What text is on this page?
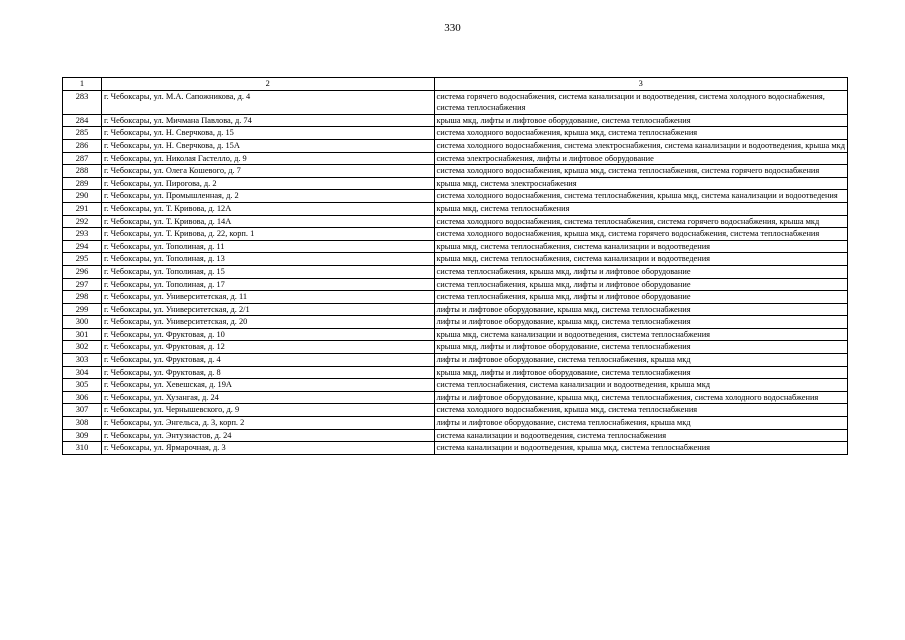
330
1	2	3
283	г. Чебоксары, ул. М.А. Сапожникова, д. 4	система горячего водоснабжения, система канализации и водоотведения, система холодного водоснабжения, система теплоснабжения
284	г. Чебоксары, ул. Мичмана Павлова, д. 74	крыша мкд, лифты и лифтовое оборудование, система теплоснабжения
285	г. Чебоксары, ул. Н. Сверчкова, д. 15	система холодного водоснабжения, крыша мкд, система теплоснабжения
286	г. Чебоксары, ул. Н. Сверчкова, д. 15А	система холодного водоснабжения, система электроснабжения, система канализации и водоотведения, крыша мкд
287	г. Чебоксары, ул. Николая Гастелло, д. 9	система электроснабжения, лифты и лифтовое оборудование
288	г. Чебоксары, ул. Олега Кошевого, д. 7	система холодного водоснабжения, крыша мкд, система теплоснабжения, система горячего водоснабжения
289	г. Чебоксары, ул. Пирогова, д. 2	крыша мкд, система электроснабжения
290	г. Чебоксары, ул. Промышленная, д. 2	система холодного водоснабжения, система теплоснабжения, крыша мкд, система канализации и водоотведения
291	г. Чебоксары, ул. Т. Кривова, д. 12А	крыша мкд, система теплоснабжения
292	г. Чебоксары, ул. Т. Кривова, д. 14А	система холодного водоснабжения, система теплоснабжения, система горячего водоснабжения, крыша мкд
293	г. Чебоксары, ул. Т. Кривова, д. 22, корп. 1	система холодного водоснабжения, крыша мкд, система горячего водоснабжения, система теплоснабжения
294	г. Чебоксары, ул. Тополиная, д. 11	крыша мкд, система теплоснабжения, система канализации и водоотведения
295	г. Чебоксары, ул. Тополиная, д. 13	крыша мкд, система теплоснабжения, система канализации и водоотведения
296	г. Чебоксары, ул. Тополиная, д. 15	система теплоснабжения, крыша мкд, лифты и лифтовое оборудование
297	г. Чебоксары, ул. Тополиная, д. 17	система теплоснабжения, крыша мкд, лифты и лифтовое оборудование
298	г. Чебоксары, ул. Университетская, д. 11	система теплоснабжения, крыша мкд, лифты и лифтовое оборудование
299	г. Чебоксары, ул. Университетская, д. 2/1	лифты и лифтовое оборудование, крыша мкд, система теплоснабжения
300	г. Чебоксары, ул. Университетская, д. 20	лифты и лифтовое оборудование, крыша мкд, система теплоснабжения
301	г. Чебоксары, ул. Фруктовая, д. 10	крыша мкд, система канализации и водоотведения, система теплоснабжения
302	г. Чебоксары, ул. Фруктовая, д. 12	крыша мкд, лифты и лифтовое оборудование, система теплоснабжения
303	г. Чебоксары, ул. Фруктовая, д. 4	лифты и лифтовое оборудование, система теплоснабжения, крыша мкд
304	г. Чебоксары, ул. Фруктовая, д. 8	крыша мкд, лифты и лифтовое оборудование, система теплоснабжения
305	г. Чебоксары, ул. Хевешская, д. 19А	система теплоснабжения, система канализации и водоотведения, крыша мкд
306	г. Чебоксары, ул. Хузангая, д. 24	лифты и лифтовое оборудование, крыша мкд, система теплоснабжения, система холодного водоснабжения
307	г. Чебоксары, ул. Чернышевского, д. 9	система холодного водоснабжения, крыша мкд, система теплоснабжения
308	г. Чебоксары, ул. Энгельса, д. 3, корп. 2	лифты и лифтовое оборудование, система теплоснабжения, крыша мкд
309	г. Чебоксары, ул. Энтузиастов, д. 24	система канализации и водоотведения, система теплоснабжения
310	г. Чебоксары, ул. Ярмарочная, д. 3	система канализации и водоотведения, крыша мкд, система теплоснабжения
